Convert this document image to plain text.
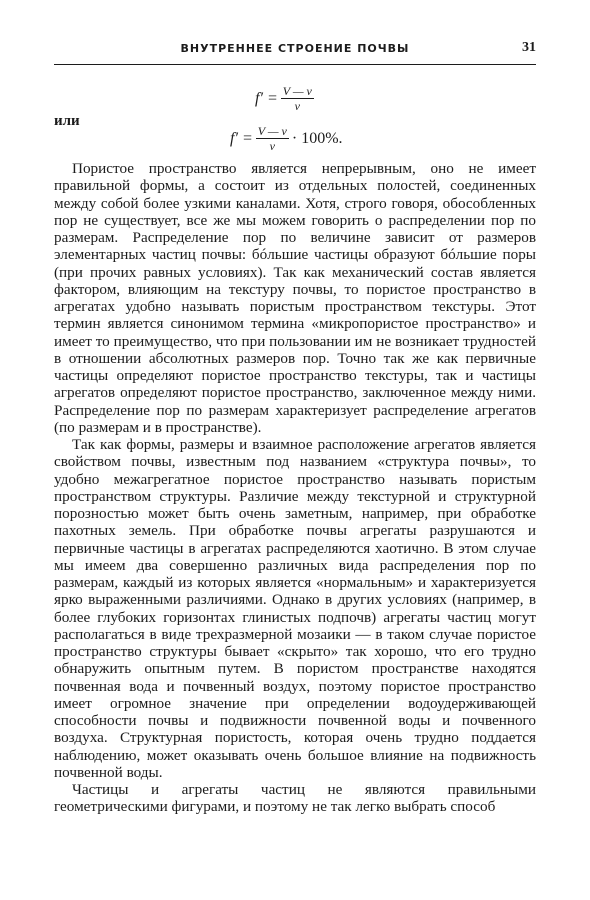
ВНУТРЕННЕЕ СТРОЕНИЕ ПОЧВЫ	31
$f' = \frac{V — v}{v}$
или
$f' = \frac{V — v}{v} \cdot 100\%$.

Пористое пространство является непрерывным, оно не имеет правильной формы, а состоит из отдельных полостей, соединенных между собой более узкими каналами. Хотя, строго говоря, обособленных пор не существует, все же мы можем говорить о распределении пор по размерам. Распределение пор по величине зависит от размеров элементарных частиц почвы: бóльшие частицы образуют бóльшие поры (при прочих равных условиях). Так как механический состав является фактором, влияющим на текстуру почвы, то пористое пространство в агрегатах удобно называть пористым пространством текстуры. Этот термин является синонимом термина «микропористое пространство» и имеет то преимущество, что при пользовании им не возникает трудностей в отношении абсолютных размеров пор. Точно так же как первичные частицы определяют пористое пространство текстуры, так и частицы агрегатов определяют пористое пространство, заключенное между ними. Распределение пор по размерам характеризует распределение агрегатов (по размерам и в пространстве).

Так как формы, размеры и взаимное расположение агрегатов является свойством почвы, известным под названием «структура почвы», то удобно межагрегатное пористое пространство называть пористым пространством структуры. Различие между текстурной и структурной порозностью может быть очень заметным, например, при обработке пахотных земель. При обработке почвы агрегаты разрушаются и первичные частицы в агрегатах распределяются хаотично. В этом случае мы имеем два совершенно различных вида распределения пор по размерам, каждый из которых является «нормальным» и характеризуется ярко выраженными различиями. Однако в других условиях (например, в более глубоких горизонтах глинистых подпочв) агрегаты частиц могут располагаться в виде трехразмерной мозаики — в таком случае пористое пространство структуры бывает «скрыто» так хорошо, что его трудно обнаружить опытным путем. В пористом пространстве находятся почвенная вода и почвенный воздух, поэтому пористое пространство имеет огромное значение при определении водоудерживающей способности почвы и подвижности почвенной воды и почвенного воздуха. Структурная пористость, которая очень трудно поддается наблюдению, может оказывать очень большое влияние на подвижность почвенной воды.

Частицы и агрегаты частиц не являются правильными геометрическими фигурами, и поэтому не так легко выбрать способ
